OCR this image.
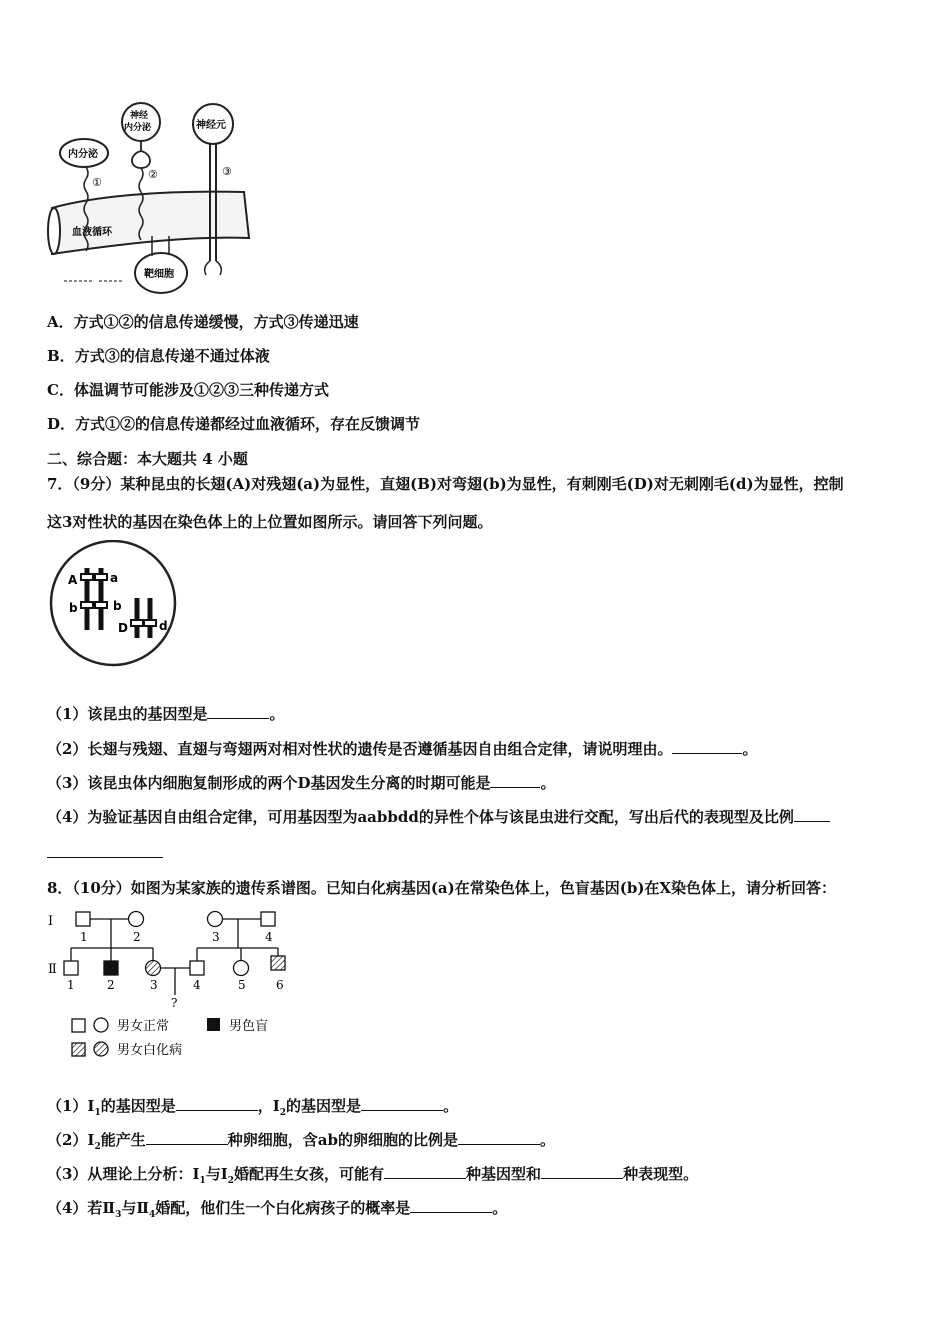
血液循环
内分泌
①
神经
内分泌
②
神经元
③
靶细胞
A．方式①②的信息传递缓慢，方式③传递迅速
B．方式③的信息传递不通过体液
C．体温调节可能涉及①②③三种传递方式
D．方式①②的信息传递都经过血液循环，存在反馈调节
二、综合题：本大题共 4 小题
7．（9分）某种昆虫的长翅(A)对残翅(a)为显性，直翅(B)对弯翅(b)为显性，有刺刚毛(D)对无刺刚毛(d)为显性，控制
这3对性状的基因在染色体上的上位置如图所示。请回答下列问题。
A	a
b	b
D	d
（1）该昆虫的基因型是	。
（2）长翅与残翅、直翅与弯翅两对相对性状的遗传是否遵循基因自由组合定律，请说明理由。	。
（3）该昆虫体内细胞复制形成的两个D基因发生分离的时期可能是	。
（4）为验证基因自由组合定律，可用基因型为aabbdd的异性个体与该昆虫进行交配，写出后代的表现型及比例
8．（10分）如图为某家族的遗传系谱图。已知白化病基因(a)在常染色体上，色盲基因(b)在X染色体上，请分析回答：
Ⅰ
Ⅱ
1	2	3	4
?
1	2	3	4	5	6
男女正常	男色盲
男女白化病
$(1)Ⅰ_1$的基因型是	，$Ⅰ_2$的基因型是	。
$(2)Ⅰ_2$能产生	种卵细胞，含ab的卵细胞的比例是	。
（3）从理论上分析：$Ⅰ_1$与$Ⅰ_2$婚配再生女孩，可能有	种基因型和	种表现型。
（4）若$Ⅱ_3$与$Ⅱ_4$婚配，他们生一个白化病孩子的概率是	。
